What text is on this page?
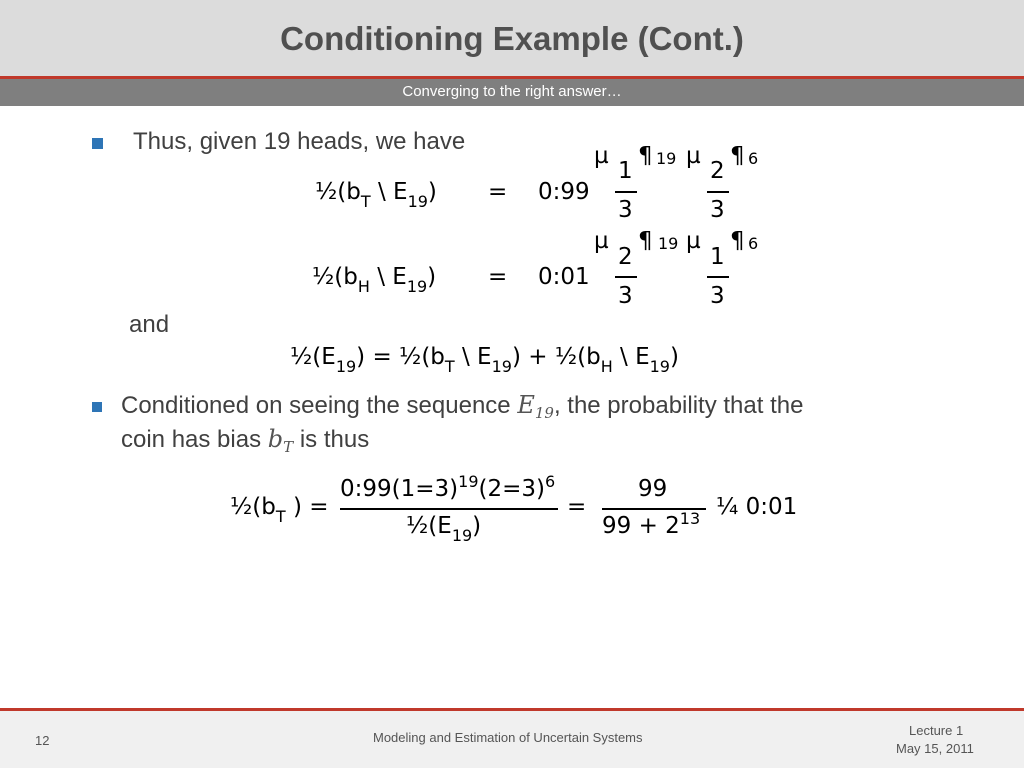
Conditioning Example (Cont.)
Converging to the right answer…
Thus, given 19 heads, we have
$\frac{1}{2}(b_T$ \ $E_{19}$) = 0:99
µ ¶
1
3
19 µ ¶
2
3
6
$\frac{1}{2}(b_H$ \ $E_{19}$) = 0:01
µ ¶
2
3
19 µ ¶
1
3
6
and
$\frac{1}{2}(E_{19})$ = $\frac{1}{2}(b_T$ \ $E_{19}$) + $\frac{1}{2}(b_H$ \ $E_{19}$)
Conditioned on seeing the sequence $E_{19}$, the probability that the
coin has bias $b_T$ is thus
$\frac{1}{2}(b_T$ ) =
0:99(1=3)$^{19}$(2=3)$^6$
$\frac{1}{2}(E_{19})$
=
99
$99 + 2^{13}$ ¼ 0:01
12	Modeling and Estimation of Uncertain Systems	Lecture 1
May 15, 2011
